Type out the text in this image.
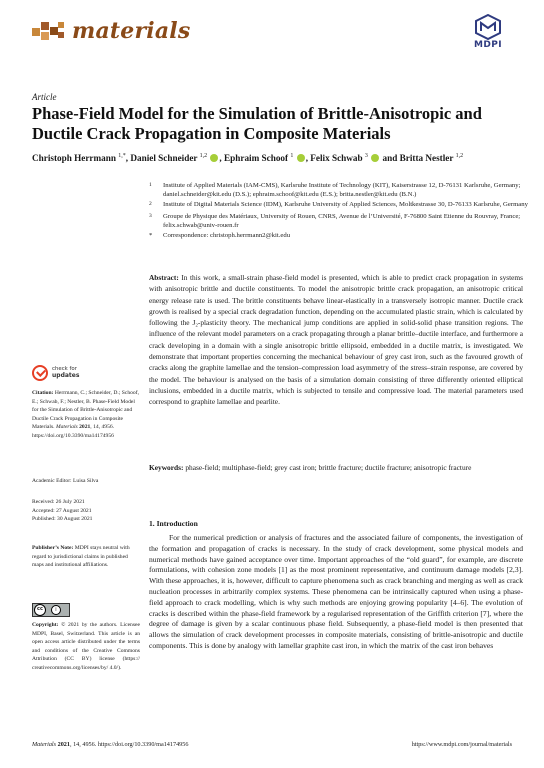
materials
MDPI
Article
Phase-Field Model for the Simulation of Brittle-Anisotropic and Ductile Crack Propagation in Composite Materials
Christoph Herrmann $^{1,*}$, Daniel Schneider $^{1,2}$ , Ephraim Schoof $^1$ , Felix Schwab $^3$  and Britta Nestler $^{1,2}$
$^1$	Institute of Applied Materials (IAM-CMS), Karlsruhe Institute of Technology (KIT), Kaiserstrasse 12, D-76131 Karlsruhe, Germany; daniel.schneider@kit.edu (D.S.); ephraim.schoof@kit.edu (E.S.); britta.nestler@kit.edu (B.N.)
$^2$	Institute of Digital Materials Science (IDM), Karlsruhe University of Applied Sciences, Moltkestrasse 30, D-76133 Karlsruhe, Germany
$^3$	Groupe de Physique des Matériaux, University of Rouen, CNRS, Avenue de l’Université, F-76800 Saint Etienne du Rouvray, France; felix.schwab@univ-rouen.fr
*	Correspondence: christoph.herrmann2@kit.edu
Abstract: In this work, a small-strain phase-field model is presented, which is able to predict crack propagation in systems with anisotropic brittle and ductile constituents. To model the anisotropic brittle crack propagation, an anisotropic critical energy release rate is used. The brittle constituents behave linear-elastically in a transversely isotropic manner. Ductile crack growth is realised by a special crack degradation function, depending on the accumulated plastic strain, which is calculated by following the J₂-plasticity theory. The mechanical jump conditions are applied in solid-solid phase transition regions. The influence of the relevant model parameters on a crack propagating through a planar brittle–ductile interface, and furthermore a crack developing in a domain with a single anisotropic brittle ellipsoid, embedded in a ductile matrix, is investigated. We demonstrate that important properties concerning the mechanical behaviour of grey cast iron, such as the favoured growth of cracks along the graphite lamellae and the tension–compression load asymmetry of the stress–strain response, are covered by the model. The behaviour is analysed on the basis of a simulation domain consisting of three differently oriented elliptical inclusions, embedded in a ductile matrix, which is subjected to tensile and compressive load. The material parameters used correspond to graphite lamellae and pearlite.
Keywords: phase-field; multiphase-field; grey cast iron; brittle fracture; ductile fracture; anisotropic fracture
check for
updates
Citation: Herrmann, C.; Schneider, D.; Schoof, E.; Schwab, F.; Nestler, B. Phase-Field Model for the Simulation of Brittle-Anisotropic and Ductile Crack Propagation in Composite Materials. Materials 2021, 14, 4956. https://doi.org/10.3390/ma14174956
Academic Editor: Luisa Silva
Received: 26 July 2021
Accepted: 27 August 2021
Published: 30 August 2021
Publisher’s Note: MDPI stays neutral with regard to jurisdictional claims in published maps and institutional affiliations.
cc	i
Copyright: © 2021 by the authors. Licensee MDPI, Basel, Switzerland. This article is an open access article distributed under the terms and conditions of the Creative Commons Attribution (CC BY) license (https:// creativecommons.org/licenses/by/ 4.0/).
1. Introduction

For the numerical prediction or analysis of fractures and the associated failure of components, the investigation of the formation and propagation of cracks is necessary. In the study of crack development, some physical models and numerical methods have gained acceptance over time. Important approaches of the “old guard”, for example, are discrete formulations, with cohesion zone models [1] as the most prominent representative, and continuum damage models [2,3]. With these approaches, it is, however, difficult to capture phenomena such as crack branching and merging as well as crack nucleation processes in arbitrarily complex systems. These phenomena can be intrinsically captured when using a phase-field approach to crack modelling, which is why such methods are enjoying growing popularity [4–6]. The evolution of cracks is described within the phase-field framework by a regularised representation of the Griffith criterion [7], where the degree of damage is given by a scalar continuous phase field. Subsequently, a phase-field model is then presented that allows the simulation of crack development processes in composite materials, consisting of brittle-anisotropic and ductile components. This is done by analogy with lamellar graphite cast iron, in which the matrix of the cast iron behaves

Materials 2021, 14, 4956. https://doi.org/10.3390/ma14174956	https://www.mdpi.com/journal/materials
